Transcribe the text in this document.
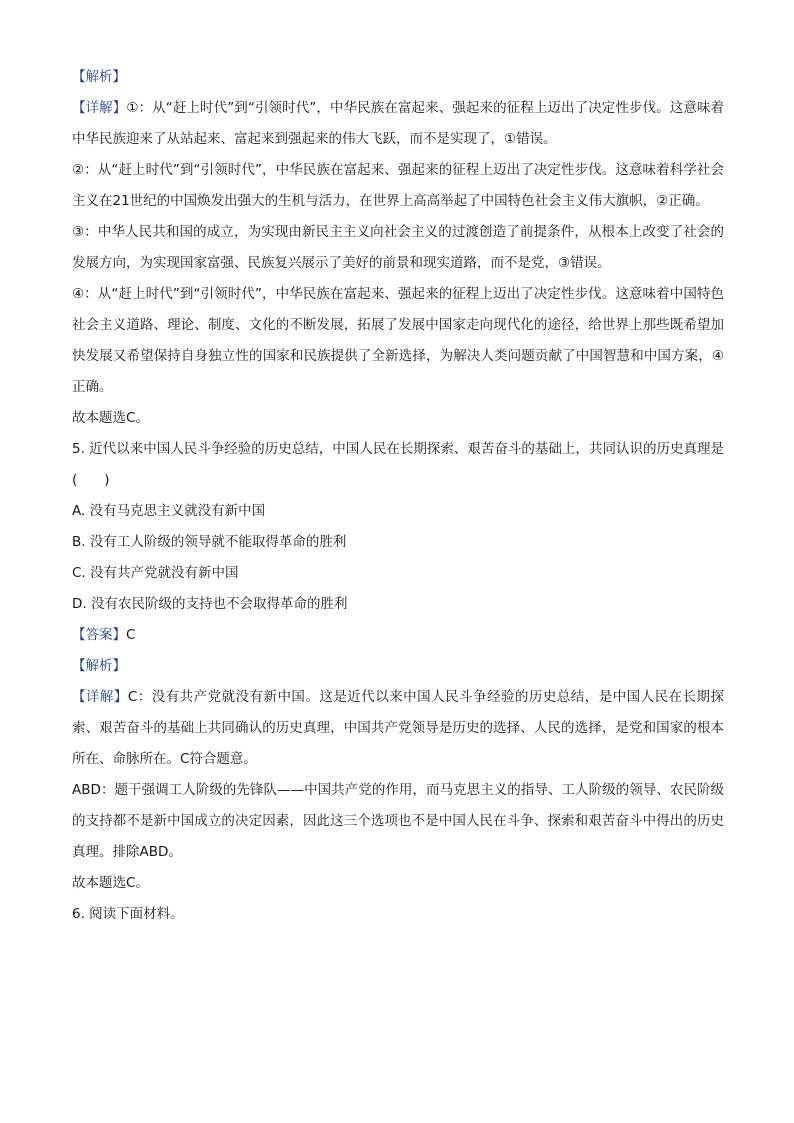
【解析】

【详解】①：从“赶上时代”到“引领时代”，中华民族在富起来、强起来的征程上迈出了决定性步伐。这意味着中华民族迎来了从站起来、富起来到强起来的伟大飞跃，而不是实现了，①错误。

②：从“赶上时代”到“引领时代”，中华民族在富起来、强起来的征程上迈出了决定性步伐。这意味着科学社会主义在21世纪的中国焕发出强大的生机与活力，在世界上高高举起了中国特色社会主义伟大旗帜，②正确。

③：中华人民共和国的成立，为实现由新民主主义向社会主义的过渡创造了前提条件，从根本上改变了社会的发展方向，为实现国家富强、民族复兴展示了美好的前景和现实道路，而不是党，③错误。

④：从“赶上时代”到“引领时代”，中华民族在富起来、强起来的征程上迈出了决定性步伐。这意味着中国特色社会主义道路、理论、制度、文化的不断发展，拓展了发展中国家走向现代化的途径，给世界上那些既希望加快发展又希望保持自身独立性的国家和民族提供了全新选择，为解决人类问题贡献了中国智慧和中国方案，④正确。

故本题选C。

5. 近代以来中国人民斗争经验的历史总结，中国人民在长期探索、艰苦奋斗的基础上，共同认识的历史真理是(　　)

A. 没有马克思主义就没有新中国

B. 没有工人阶级的领导就不能取得革命的胜利

C. 没有共产党就没有新中国

D. 没有农民阶级的支持也不会取得革命的胜利

【答案】C

【解析】

【详解】C：没有共产党就没有新中国。这是近代以来中国人民斗争经验的历史总结，是中国人民在长期探索、艰苦奋斗的基础上共同确认的历史真理，中国共产党领导是历史的选择、人民的选择，是党和国家的根本所在、命脉所在。C符合题意。

ABD：题干强调工人阶级的先锋队——中国共产党的作用，而马克思主义的指导、工人阶级的领导、农民阶级的支持都不是新中国成立的决定因素，因此这三个选项也不是中国人民在斗争、探索和艰苦奋斗中得出的历史真理。排除ABD。

故本题选C。

6. 阅读下面材料。
